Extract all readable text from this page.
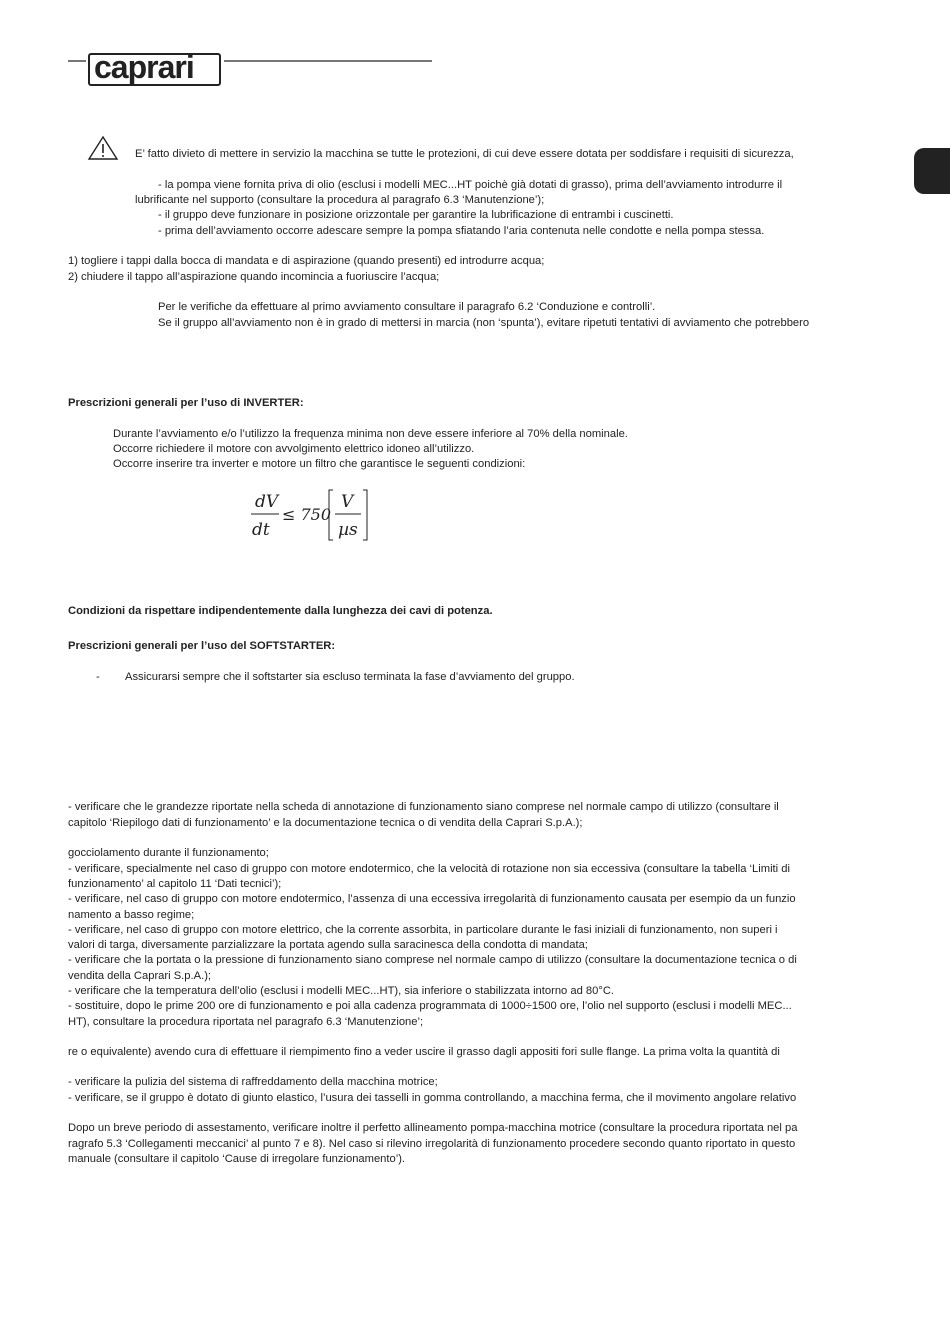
caprari
E’ fatto divieto di mettere in servizio la macchina se tutte le protezioni, di cui deve essere dotata per soddisfare i requisiti di sicurezza,
- la pompa viene fornita priva di olio (esclusi i modelli MEC...HT poichè già dotati di grasso), prima dell’avviamento introdurre il
lubrificante nel supporto (consultare la procedura al paragrafo 6.3 ‘Manutenzione’);
- il gruppo deve funzionare in posizione orizzontale per garantire la lubrificazione di entrambi i cuscinetti.
- prima dell’avviamento occorre adescare sempre la pompa sfiatando l’aria contenuta nelle condotte e nella pompa stessa.
1) togliere i tappi dalla bocca di mandata e di aspirazione (quando presenti) ed introdurre acqua;
2) chiudere il tappo all’aspirazione quando incomincia a fuoriuscire l’acqua;
Per le verifiche da effettuare al primo avviamento consultare il paragrafo 6.2 ‘Conduzione e controlli’.
Se il gruppo all’avviamento non è in grado di mettersi in marcia (non ‘spunta’), evitare ripetuti tentativi di avviamento che potrebbero
Prescrizioni generali per l’uso di INVERTER:
Durante l’avviamento e/o l’utilizzo la frequenza minima non deve essere inferiore al 70% della nominale.
Occorre richiedere il motore con avvolgimento elettrico idoneo all’utilizzo.
Occorre inserire tra inverter e motore un filtro che garantisce le seguenti condizioni:
dV
dt
≤ 750
V
µs
Condizioni da rispettare indipendentemente dalla lunghezza dei cavi di potenza.
Prescrizioni generali per l’uso del SOFTSTARTER:
- Assicurarsi sempre che il softstarter sia escluso terminata la fase d’avviamento del gruppo.
- verificare che le grandezze riportate nella scheda di annotazione di funzionamento siano comprese nel normale campo di utilizzo (consultare il
capitolo ‘Riepilogo dati di funzionamento’ e la documentazione tecnica o di vendita della Caprari S.p.A.);
gocciolamento durante il funzionamento;
- verificare, specialmente nel caso di gruppo con motore endotermico, che la velocità di rotazione non sia eccessiva (consultare la tabella ‘Limiti di
funzionamento’ al capitolo 11 ‘Dati tecnici’);
- verificare, nel caso di gruppo con motore endotermico, l’assenza di una eccessiva irregolarità di funzionamento causata per esempio da un funzio
namento a basso regime;
- verificare, nel caso di gruppo con motore elettrico, che la corrente assorbita, in particolare durante le fasi iniziali di funzionamento, non superi i
valori di targa, diversamente parzializzare la portata agendo sulla saracinesca della condotta di mandata;
- verificare che la portata o la pressione di funzionamento siano comprese nel normale campo di utilizzo (consultare la documentazione tecnica o di
vendita della Caprari S.p.A.);
- verificare che la temperatura dell’olio (esclusi i modelli MEC...HT), sia inferiore o stabilizzata intorno ad 80°C.
- sostituire, dopo le prime 200 ore di funzionamento e poi alla cadenza programmata di 1000÷1500 ore, l’olio nel supporto (esclusi i modelli MEC...
HT), consultare la procedura riportata nel paragrafo 6.3 ‘Manutenzione’;
re o equivalente) avendo cura di effettuare il riempimento fino a veder uscire il grasso dagli appositi fori sulle flange. La prima volta la quantità di
- verificare la pulizia del sistema di raffreddamento della macchina motrice;
- verificare, se il gruppo è dotato di giunto elastico, l’usura dei tasselli in gomma controllando, a macchina ferma, che il movimento angolare relativo
Dopo un breve periodo di assestamento, verificare inoltre il perfetto allineamento pompa-macchina motrice (consultare la procedura riportata nel pa
ragrafo 5.3 ‘Collegamenti meccanici’ al punto 7 e 8). Nel caso si rilevino irregolarità di funzionamento procedere secondo quanto riportato in questo
manuale (consultare il capitolo ‘Cause di irregolare funzionamento’).
